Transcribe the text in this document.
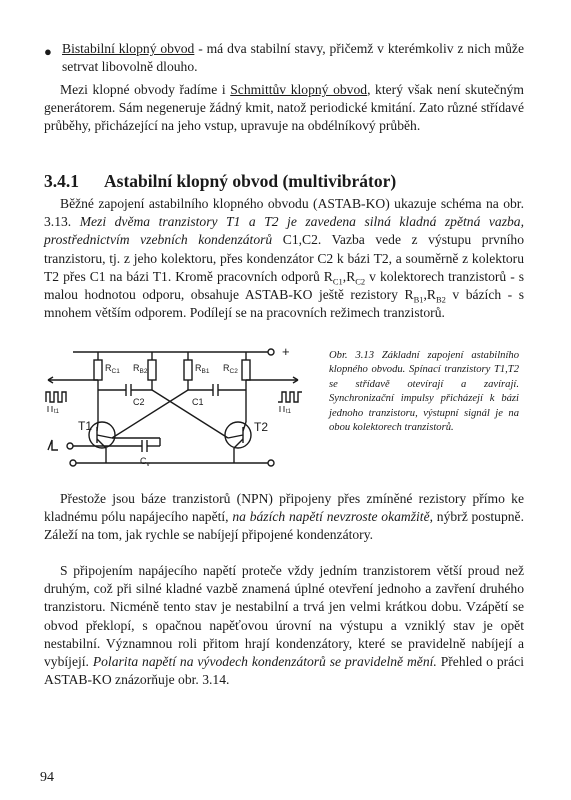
● Bistabilní klopný obvod - má dva stabilní stavy, přičemž v kterémkoliv z nich může setrvat libovolně dlouho.
Mezi klopné obvody řadíme i Schmittův klopný obvod, který však není skutečným generátorem. Sám negeneruje žádný kmit, natož periodické kmitání. Zato různé střídavé průběhy, přicházející na jeho vstup, upravuje na obdélníkový průběh.
3.4.1 Astabilní klopný obvod (multivibrátor)
Běžné zapojení astabilního klopného obvodu (ASTAB-KO) ukazuje schéma na obr. 3.13. Mezi dvěma tranzistory T1 a T2 je zavedena silná kladná zpětná vazba, prostřednictvím vzebních kondenzátorů C1,C2. Vazba vede z výstupu prvního tranzistoru, tj. z jeho kolektoru, přes kondenzátor C2 k bázi T2, a souměrně z kolektoru T2 přes C1 na bázi T1. Kromě pracovních odporů $R_{C1},R_{C2}$ v kolektorech tranzistorů - s malou hodnotou odporu, obsahuje ASTAB-KO ještě rezistory $R_{B1},R_{B2}$ v bázích - s mnohem větším odporem. Podílejí se na pracovních režimech tranzistorů.
+
$R_{C1}$ $R_{B2}$	$R_{B1}$ $R_{C2}$
C2	C1
T1	T2
$C_v$
t1	t1
Obr. 3.13 Základní zapojení astabilního klopného obvodu. Spínací tranzistory T1,T2 se střídavě otevírají a zavírají. Synchronizační impulsy přicházejí k bázi jednoho tranzistoru, výstupní signál je na obou kolektorech tranzistorů.
Přestože jsou báze tranzistorů (NPN) připojeny přes zmíněné rezistory přímo ke kladnému pólu napájecího napětí, na bázích napětí nevzroste okamžitě, nýbrž postupně. Záleží na tom, jak rychle se nabíjejí připojené kondenzátory.
S připojením napájecího napětí proteče vždy jedním tranzistorem větší proud než druhým, což při silné kladné vazbě znamená úplné otevření jednoho a zavření druhého tranzistoru. Nicméně tento stav je nestabilní a trvá jen velmi krátkou dobu. Vzápětí se obvod překlopí, s opačnou napěťovou úrovní na výstupu a vzniklý stav je opět nestabilní. Významnou roli přitom hrají kondenzátory, které se pravidelně nabíjejí a vybíjejí. Polarita napětí na vývodech kondenzátorů se pravidelně mění. Přehled o práci ASTAB-KO znázorňuje obr. 3.14.
94
